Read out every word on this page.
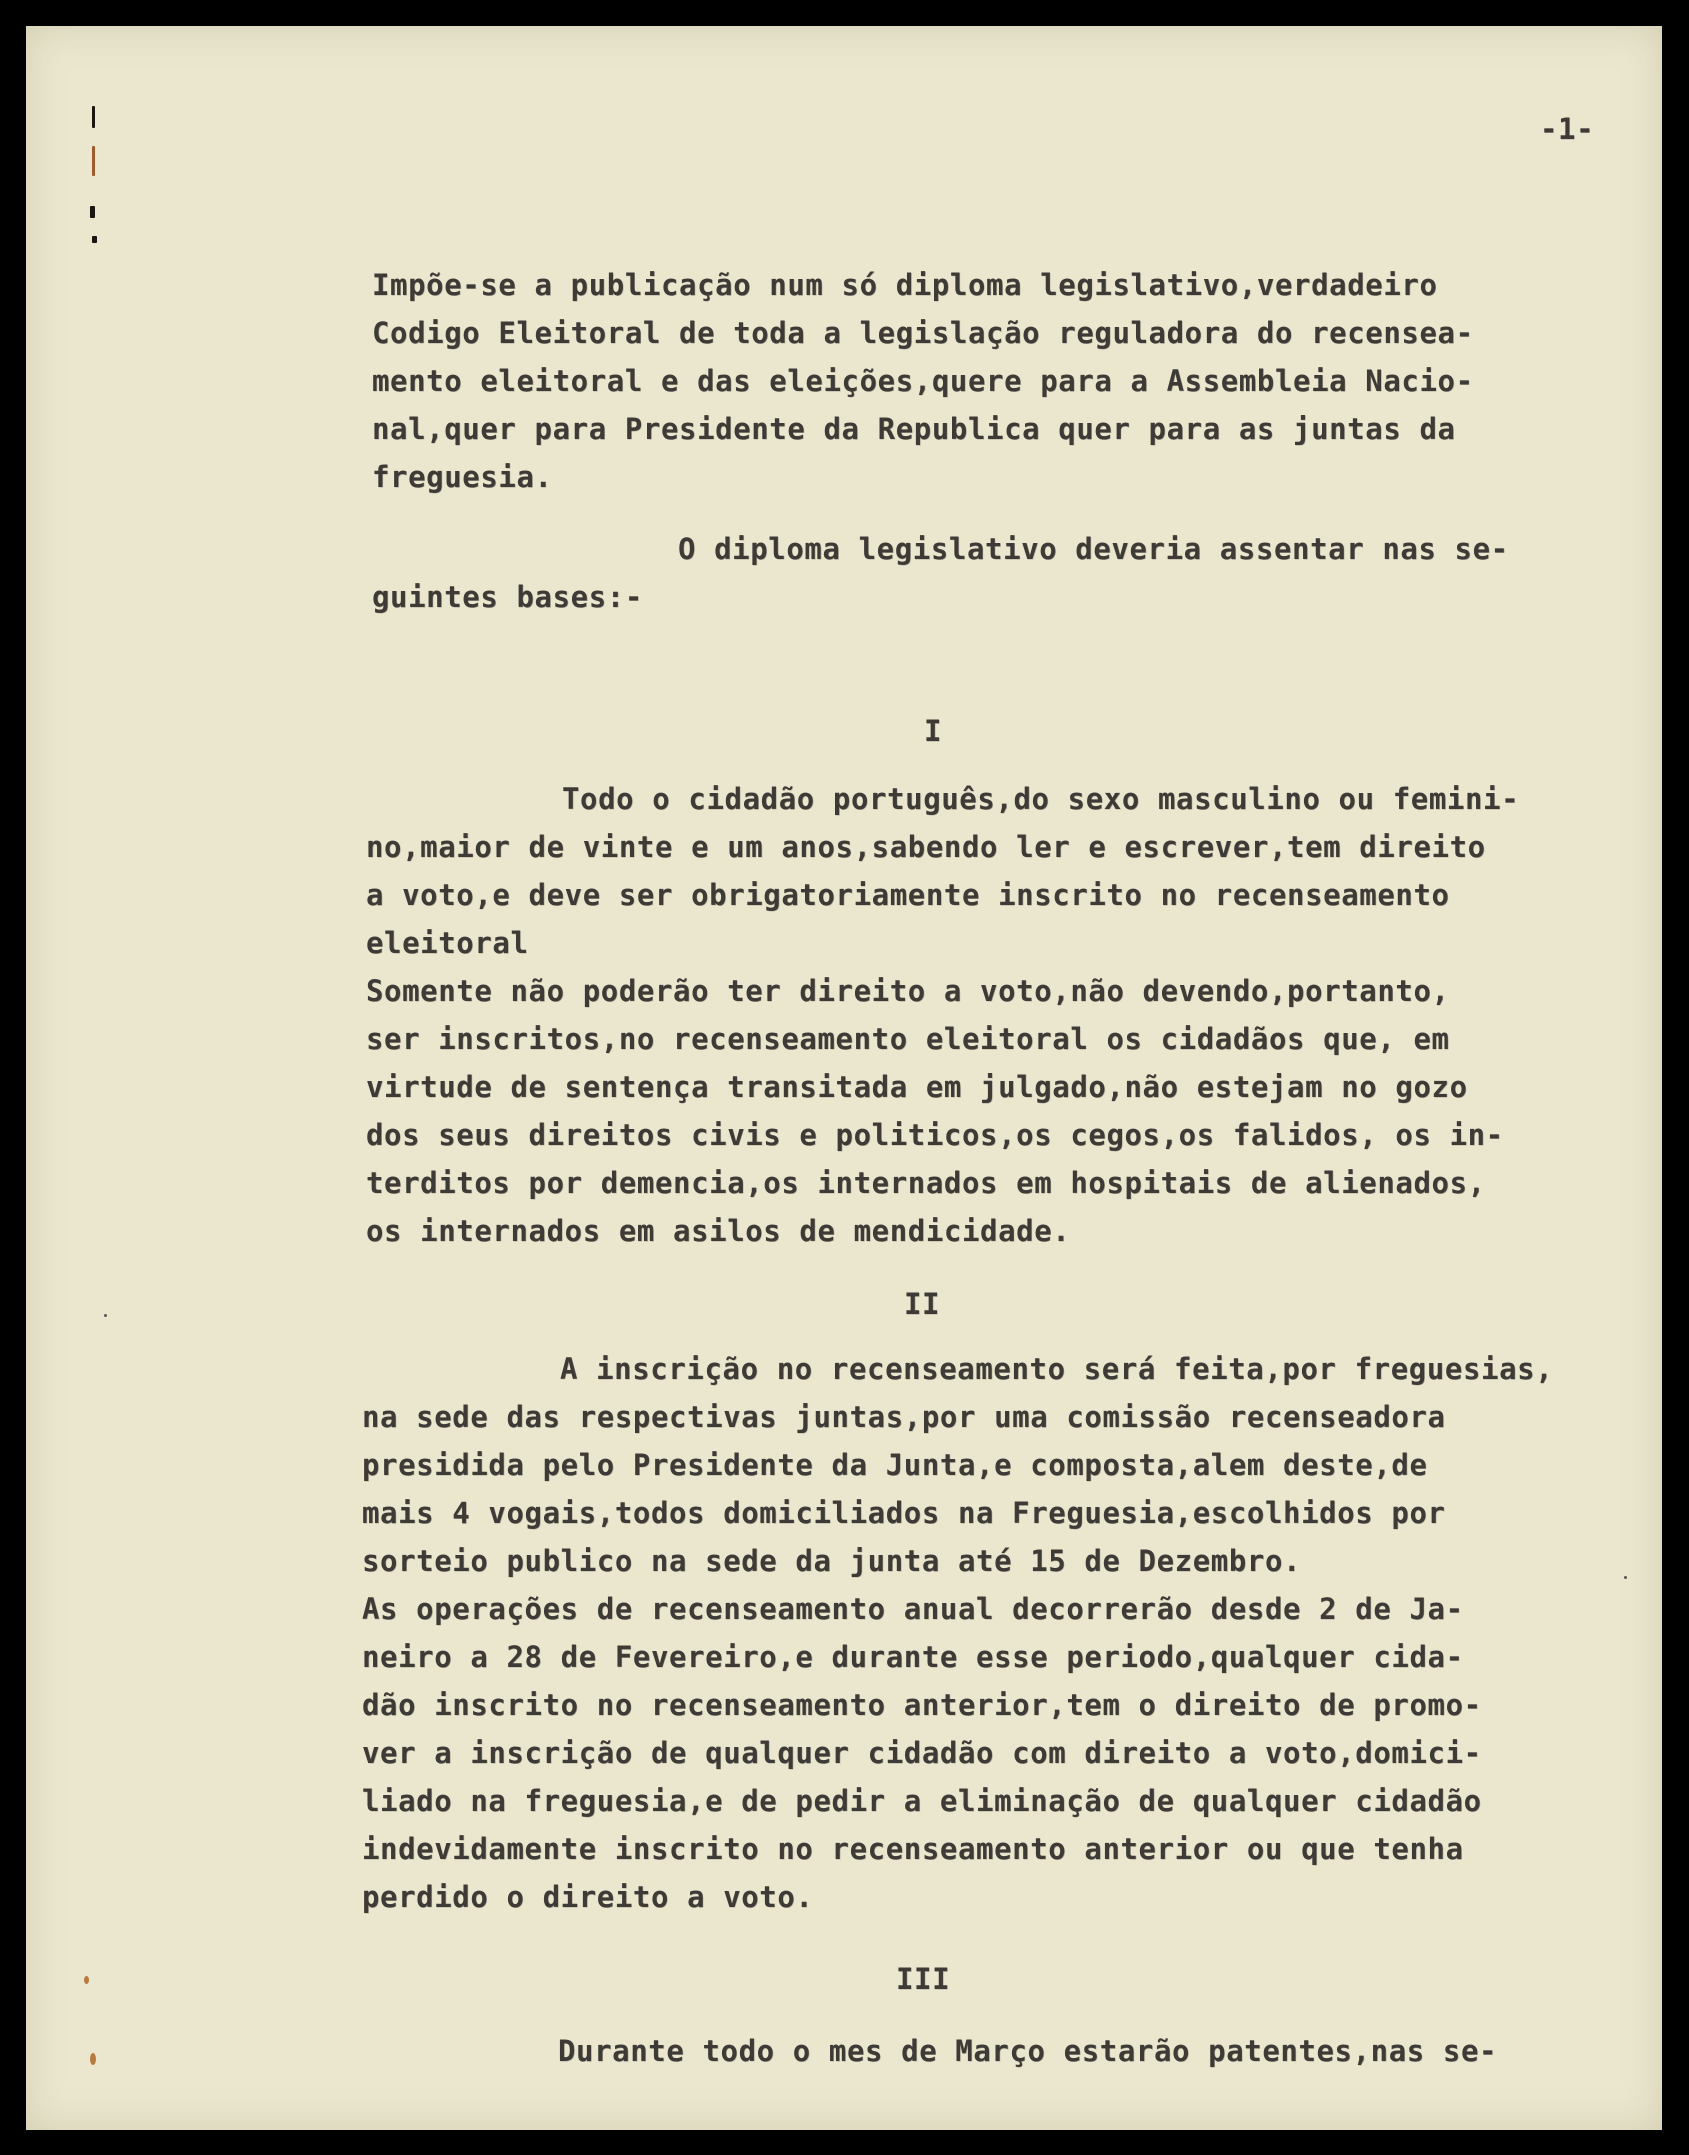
-1-
Impõe-se a publicação num só diploma legislativo,verdadeiro
Codigo Eleitoral de toda a legislação reguladora do recensea-
mento eleitoral e das eleições,quere para a Assembleia Nacio-
nal,quer para Presidente da Republica quer para as juntas da
freguesia.
O diploma legislativo deveria assentar nas se-
guintes bases:-
I
Todo o cidadão português,do sexo masculino ou femini-
no,maior de vinte e um anos,sabendo ler e escrever,tem direito
a voto,e deve ser obrigatoriamente inscrito no recenseamento
eleitoral
Somente não poderão ter direito a voto,não devendo,portanto,
ser inscritos,no recenseamento eleitoral os cidadãos que, em
virtude de sentença transitada em julgado,não estejam no gozo
dos seus direitos civis e politicos,os cegos,os falidos, os in-
terditos por demencia,os internados em hospitais de alienados,
os internados em asilos de mendicidade.
II
A inscrição no recenseamento será feita,por freguesias,
na sede das respectivas juntas,por uma comissão recenseadora
presidida pelo Presidente da Junta,e composta,alem deste,de
mais 4 vogais,todos domiciliados na Freguesia,escolhidos por
sorteio publico na sede da junta até 15 de Dezembro.
As operações de recenseamento anual decorrerão desde 2 de Ja-
neiro a 28 de Fevereiro,e durante esse periodo,qualquer cida-
dão inscrito no recenseamento anterior,tem o direito de promo-
ver a inscrição de qualquer cidadão com direito a voto,domici-
liado na freguesia,e de pedir a eliminação de qualquer cidadão
indevidamente inscrito no recenseamento anterior ou que tenha
perdido o direito a voto.
III
Durante todo o mes de Março estarão patentes,nas se-
